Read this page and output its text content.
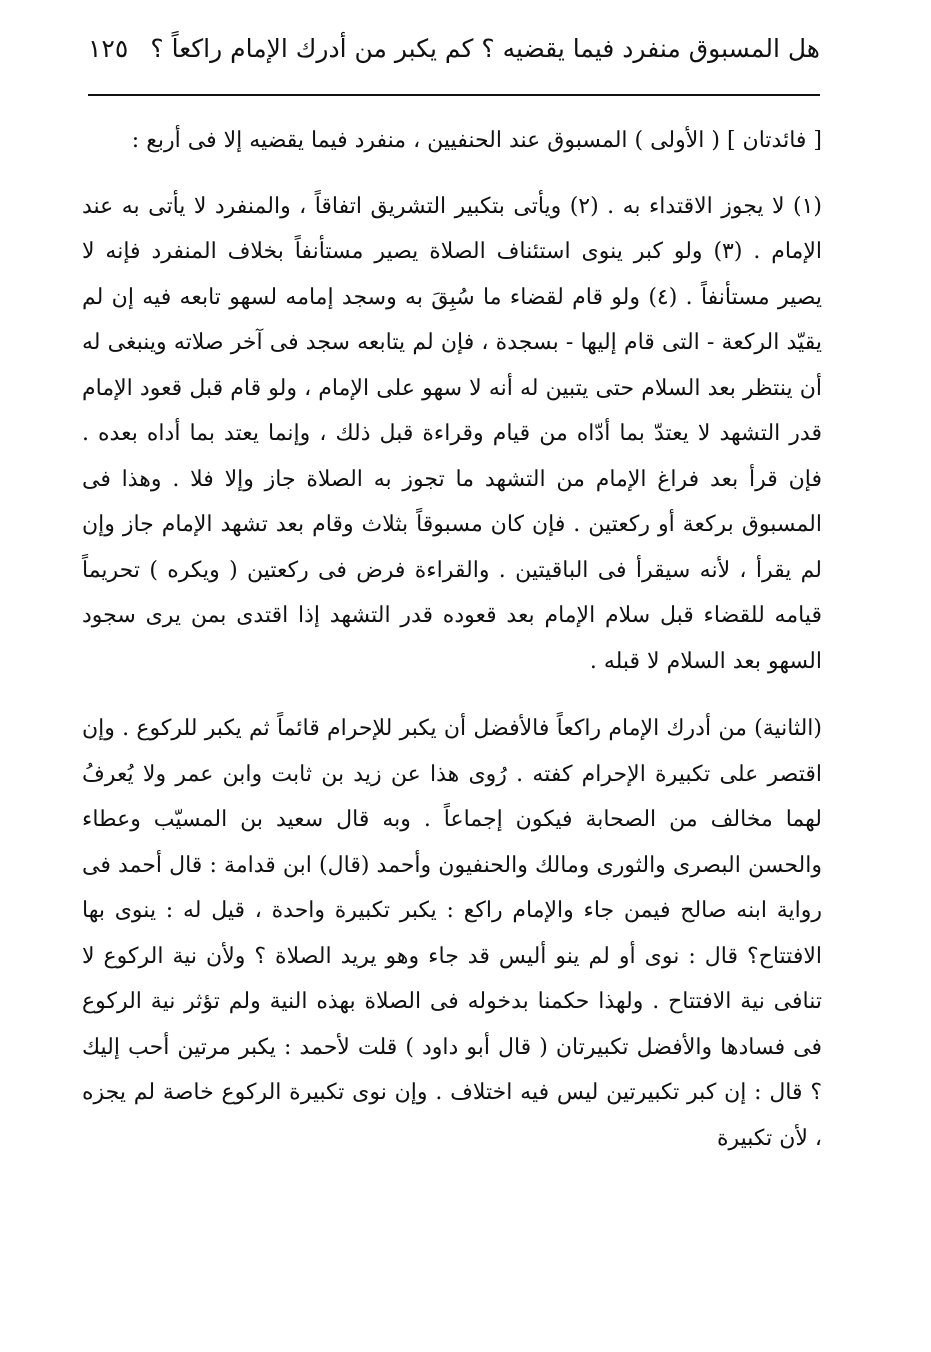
هل المسبوق منفرد فيما يقضيه ؟ كم يكبر من أدرك الإمام راكعاً ؟
١٢٥

[ فائدتان ] ( الأولى ) المسبوق عند الحنفيين ، منفرد فيما يقضيه إلا فى أربع :

(١) لا يجوز الاقتداء به . (٢) ويأتى بتكبير التشريق اتفاقاً ، والمنفرد لا يأتى به عند الإمام . (٣) ولو كبر ينوى استئناف الصلاة يصير مستأنفاً بخلاف المنفرد فإنه لا يصير مستأنفاً . (٤) ولو قام لقضاء ما سُبِقَ به وسجد إمامه لسهو تابعه فيه إن لم يقيّد الركعة - التى قام إليها - بسجدة ، فإن لم يتابعه سجد فى آخر صلاته وينبغى له أن ينتظر بعد السلام حتى يتبين له أنه لا سهو على الإمام ، ولو قام قبل قعود الإمام قدر التشهد لا يعتدّ بما أدّاه من قيام وقراءة قبل ذلك ، وإنما يعتد بما أداه بعده . فإن قرأ بعد فراغ الإمام من التشهد ما تجوز به الصلاة جاز وإلا فلا . وهذا فى المسبوق بركعة أو ركعتين . فإن كان مسبوقاً بثلاث وقام بعد تشهد الإمام جاز وإن لم يقرأ ، لأنه سيقرأ فى الباقيتين . والقراءة فرض فى ركعتين ( ويكره ) تحريماً قيامه للقضاء قبل سلام الإمام بعد قعوده قدر التشهد إذا اقتدى بمن يرى سجود السهو بعد السلام لا قبله .

(الثانية) من أدرك الإمام راكعاً فالأفضل أن يكبر للإحرام قائماً ثم يكبر للركوع . وإن اقتصر على تكبيرة الإحرام كفته . رُوى هذا عن زيد بن ثابت وابن عمر ولا يُعرفُ لهما مخالف من الصحابة فيكون إجماعاً . وبه قال سعيد بن المسيّب وعطاء والحسن البصرى والثورى ومالك والحنفيون وأحمد (قال) ابن قدامة : قال أحمد فى رواية ابنه صالح فيمن جاء والإمام راكع : يكبر تكبيرة واحدة ، قيل له : ينوى بها الافتتاح؟ قال : نوى أو لم ينو أليس قد جاء وهو يريد الصلاة ؟ ولأن نية الركوع لا تنافى نية الافتتاح . ولهذا حكمنا بدخوله فى الصلاة بهذه النية ولم تؤثر نية الركوع فى فسادها والأفضل تكبيرتان ( قال أبو داود ) قلت لأحمد : يكبر مرتين أحب إليك ؟ قال : إن كبر تكبيرتين ليس فيه اختلاف . وإن نوى تكبيرة الركوع خاصة لم يجزه ، لأن تكبيرة
